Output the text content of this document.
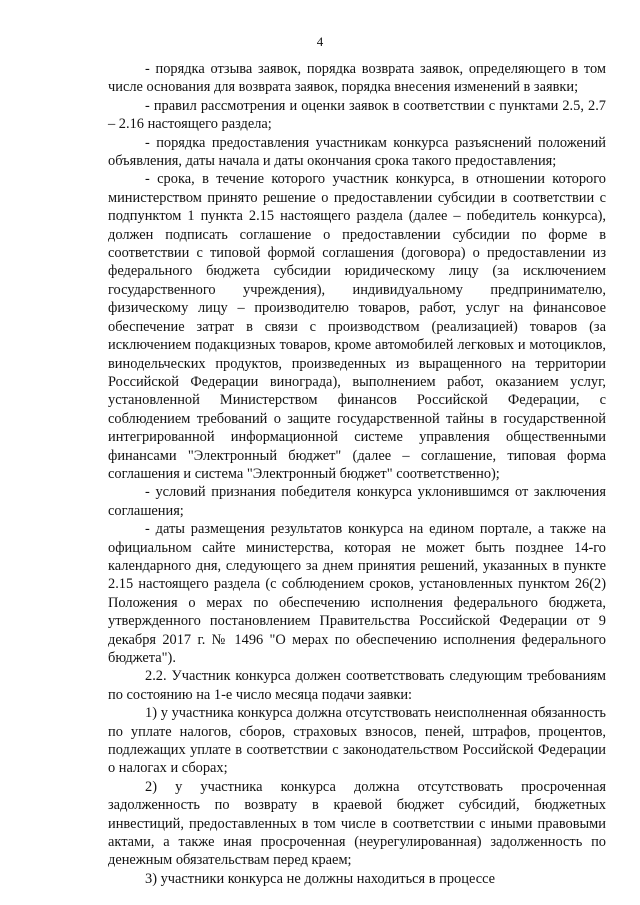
4

- порядка отзыва заявок, порядка возврата заявок, определяющего в том числе основания для возврата заявок, порядка внесения изменений в заявки;

- правил рассмотрения и оценки заявок в соответствии с пунктами 2.5, 2.7 – 2.16 настоящего раздела;

- порядка предоставления участникам конкурса разъяснений положений объявления, даты начала и даты окончания срока такого предоставления;

- срока, в течение которого участник конкурса, в отношении которого министерством принято решение о предоставлении субсидии в соответствии с подпунктом 1 пункта 2.15 настоящего раздела (далее – победитель конкурса), должен подписать соглашение о предоставлении субсидии по форме в соответствии с типовой формой соглашения (договора) о предоставлении из федерального бюджета субсидии юридическому лицу (за исключением государственного учреждения), индивидуальному предпринимателю, физическому лицу – производителю товаров, работ, услуг на финансовое обеспечение затрат в связи с производством (реализацией) товаров (за исключением подакцизных товаров, кроме автомобилей легковых и мотоциклов, винодельческих продуктов, произведенных из выращенного на территории Российской Федерации винограда), выполнением работ, оказанием услуг, установленной Министерством финансов Российской Федерации, с соблюдением требований о защите государственной тайны в государственной интегрированной информационной системе управления общественными финансами "Электронный бюджет" (далее – соглашение, типовая форма соглашения и система "Электронный бюджет" соответственно);

- условий признания победителя конкурса уклонившимся от заключения соглашения;

- даты размещения результатов конкурса на едином портале, а также на официальном сайте министерства, которая не может быть позднее 14-го календарного дня, следующего за днем принятия решений, указанных в пункте 2.15 настоящего раздела (с соблюдением сроков, установленных пунктом 26(2) Положения о мерах по обеспечению исполнения федерального бюджета, утвержденного постановлением Правительства Российской Федерации от 9 декабря 2017 г. № 1496 "О мерах по обеспечению исполнения федерального бюджета").

2.2. Участник конкурса должен соответствовать следующим требованиям по состоянию на 1-е число месяца подачи заявки:

1) у участника конкурса должна отсутствовать неисполненная обязанность по уплате налогов, сборов, страховых взносов, пеней, штрафов, процентов, подлежащих уплате в соответствии с законодательством Российской Федерации о налогах и сборах;

2) у участника конкурса должна отсутствовать просроченная задолженность по возврату в краевой бюджет субсидий, бюджетных инвестиций, предоставленных в том числе в соответствии с иными правовыми актами, а также иная просроченная (неурегулированная) задолженность по денежным обязательствам перед краем;

3) участники конкурса не должны находиться в процессе
